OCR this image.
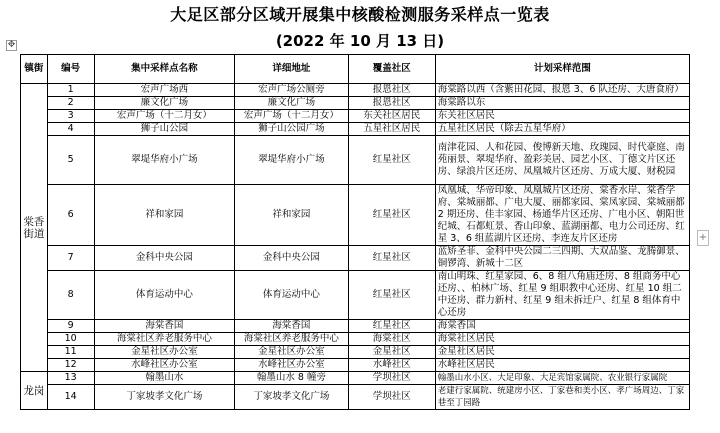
大足区部分区域开展集中核酸检测服务采样点一览表
(2022 年 10 月 13 日)
✥
+
镇街	编号	集中采样点名称	详细地址	覆盖社区	计划采样范围
棠香街道	1	宏声广场西	宏声广场公厕旁	报恩社区	海棠路以西（含紫田花园、报恩 3、6 队还房、大唐食府）
	2	廉文化广场	廉文化广场	报恩社区	海棠路以东
	3	宏声广场（十二月女）	宏声广场（十二月女）	东关社区居民	东关社区居民
	4	狮子山公园	狮子山公园广场	五星社区居民	五星社区居民（除去五星华府）
	5	翠堤华府小广场	翠堤华府小广场	红星社区	南津花园、人和花园、俊博新天地、玫瑰园、时代豪庭、南苑丽景、翠堤华府、盈彩美居、园艺小区、丁德文片区还房、绿浪片区还房、凤凰城片区还房、万成大厦、财税园
	6	祥和家园	祥和家园	红星社区	凤凰城、华帝印象、凤凰城片区还房、棠香水岸、棠香学府、棠城丽都、广电大厦、丽都家园、棠凤家园、棠城丽都 2 期还房、佳丰家园、杨通华片区还房、广电小区、朝阳世纪城、石都虹景、香山印象、蓝湖丽都、电力公司还房、红星 3、6 组蓝湖片区还房、李连友片区还房
	7	金科中央公园	金科中央公园	红星社区	蓝矫圣菲、金科中央公园二三四期、大双品鉴、龙腾御景、铜锣湾、新城十二区
	8	体育运动中心	体育运动中心	红星社区	南山明珠、红星家园、6、8 组八角庙还房、8 组商务中心还房、、柏林广场、红星 9 组职教中心还房、红星 10 组二中还房、群力新村、红星 9 组未拆迁户、红星 8 组体育中心还房
	9	海棠香国	海棠香国	红星社区	海棠香国
	10	海棠社区养老服务中心	海棠社区养老服务中心	海棠社区	海棠社区居民
	11	金星社区办公室	金星社区办公室	金星社区	金星社区居民
	12	水峰社区办公室	水峰社区办公室	水峰社区	水峰社区居民
龙岗	13	翰墨山水	翰墨山水 8 幢旁	学坝社区	翰墨山水小区、大足印象、大足宾馆家属院、农业银行家属院
	14	丁家坡孝文化广场	丁家坡孝文化广场	学坝社区	老建行家属院、统建房小区、丁家巷和美小区、孝广场周边、丁家巷至丁园路
